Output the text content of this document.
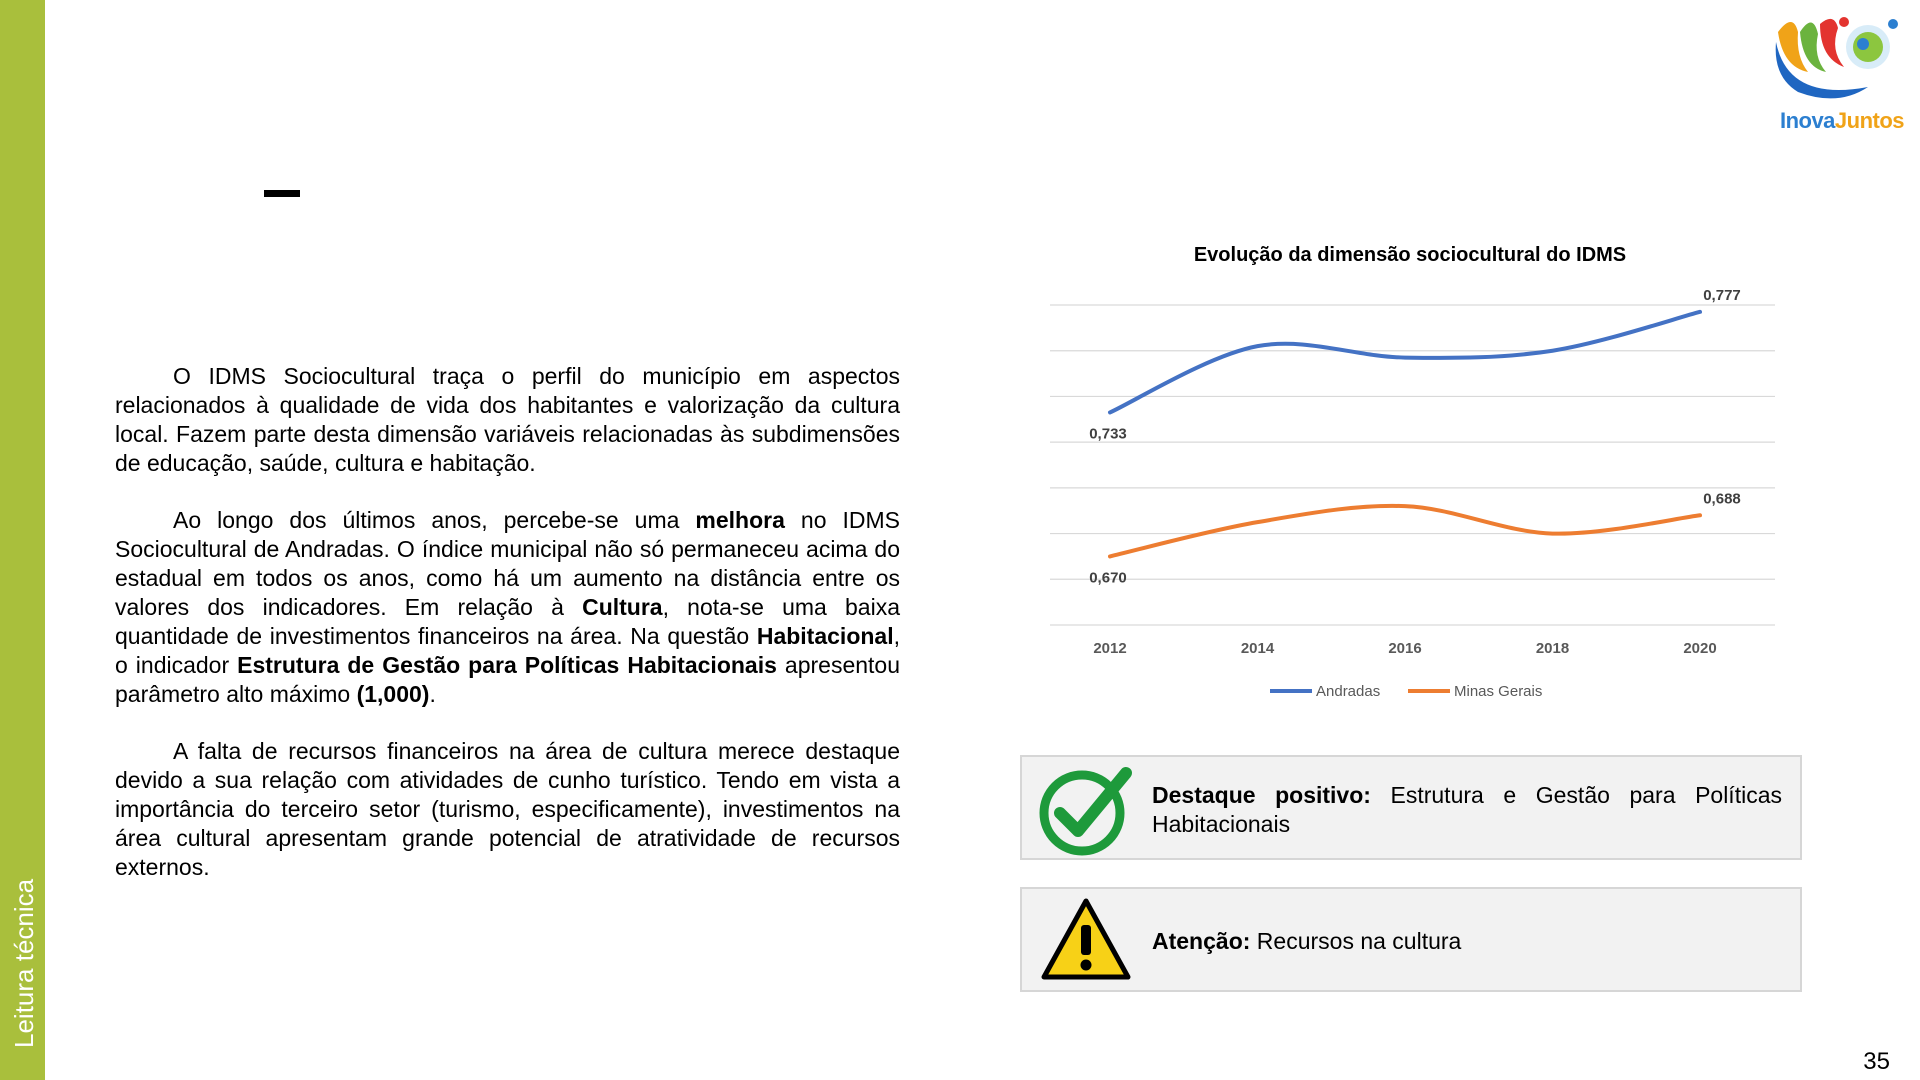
Leitura técnica
InovaJuntos

O IDMS Sociocultural traça o perfil do município em aspectos relacionados à qualidade de vida dos habitantes e valorização da cultura local. Fazem parte desta dimensão variáveis relacionadas às subdimensões de educação, saúde, cultura e habitação.

Ao longo dos últimos anos, percebe-se uma melhora no IDMS Sociocultural de Andradas. O índice municipal não só permaneceu acima do estadual em todos os anos, como há um aumento na distância entre os valores dos indicadores. Em relação à Cultura, nota-se uma baixa quantidade de investimentos financeiros na área. Na questão Habitacional, o indicador Estrutura de Gestão para Políticas Habitacionais apresentou parâmetro alto máximo (1,000).

A falta de recursos financeiros na área de cultura merece destaque devido a sua relação com atividades de cunho turístico. Tendo em vista a importância do terceiro setor (turismo, especificamente), investimentos na área cultural apresentam grande potencial de atratividade de recursos externos.

Evolução da dimensão sociocultural do IDMS
2012	2014	2016	2018	2020
0,733
0,777
0,670
0,688
Andradas	Minas Gerais
Destaque positivo: Estrutura e Gestão para Políticas Habitacionais
Atenção: Recursos na cultura
35
